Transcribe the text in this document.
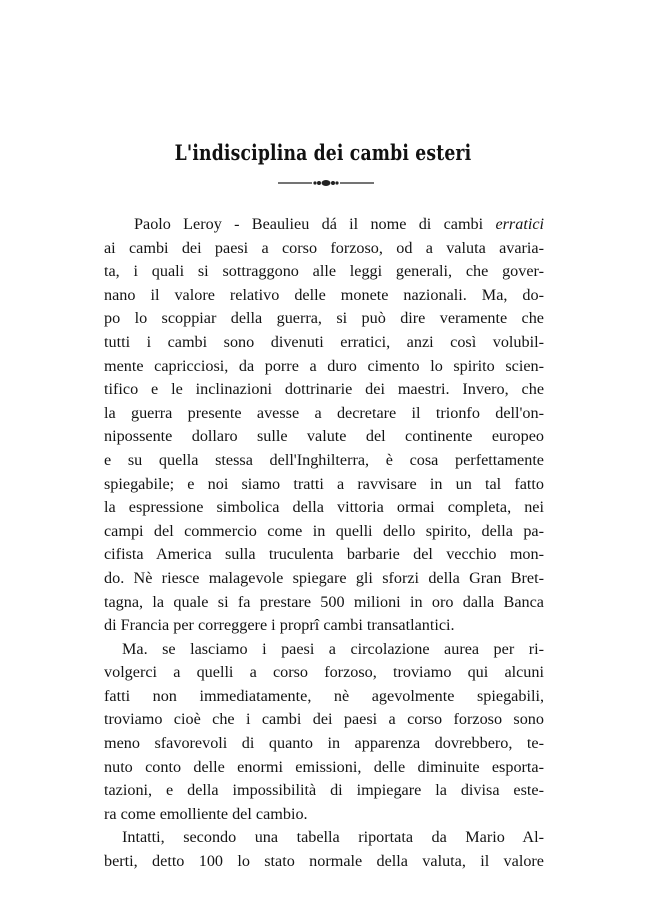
L'indisciplina dei cambi esteri
Paolo Leroy - Beaulieu dá il nome di cambi erratici
ai cambi dei paesi a corso forzoso, od a valuta avaria-
ta, i quali si sottraggono alle leggi generali, che gover-
nano il valore relativo delle monete nazionali. Ma, do-
po lo scoppiar della guerra, si può dire veramente che
tutti i cambi sono divenuti erratici, anzi così volubil-
mente capricciosi, da porre a duro cimento lo spirito scien-
tifico e le inclinazioni dottrinarie dei maestri. Invero, che
la guerra presente avesse a decretare il trionfo dell'on-
nipossente dollaro sulle valute del continente europeo
e su quella stessa dell'Inghilterra, è cosa perfettamente
spiegabile; e noi siamo tratti a ravvisare in un tal fatto
la espressione simbolica della vittoria ormai completa, nei
campi del commercio come in quelli dello spirito, della pa-
cifista America sulla truculenta barbarie del vecchio mon-
do. Nè riesce malagevole spiegare gli sforzi della Gran Bret-
tagna, la quale si fa prestare 500 milioni in oro dalla Banca
di Francia per correggere i proprî cambi transatlantici.
Ma. se lasciamo i paesi a circolazione aurea per ri-
volgerci a quelli a corso forzoso, troviamo qui alcuni
fatti non immediatamente, nè agevolmente spiegabili,
troviamo cioè che i cambi dei paesi a corso forzoso sono
meno sfavorevoli di quanto in apparenza dovrebbero, te-
nuto conto delle enormi emissioni, delle diminuite esporta-
tazioni, e della impossibilità di impiegare la divisa este-
ra come emolliente del cambio.
Intatti, secondo una tabella riportata da Mario Al-
berti, detto 100 lo stato normale della valuta, il valore
